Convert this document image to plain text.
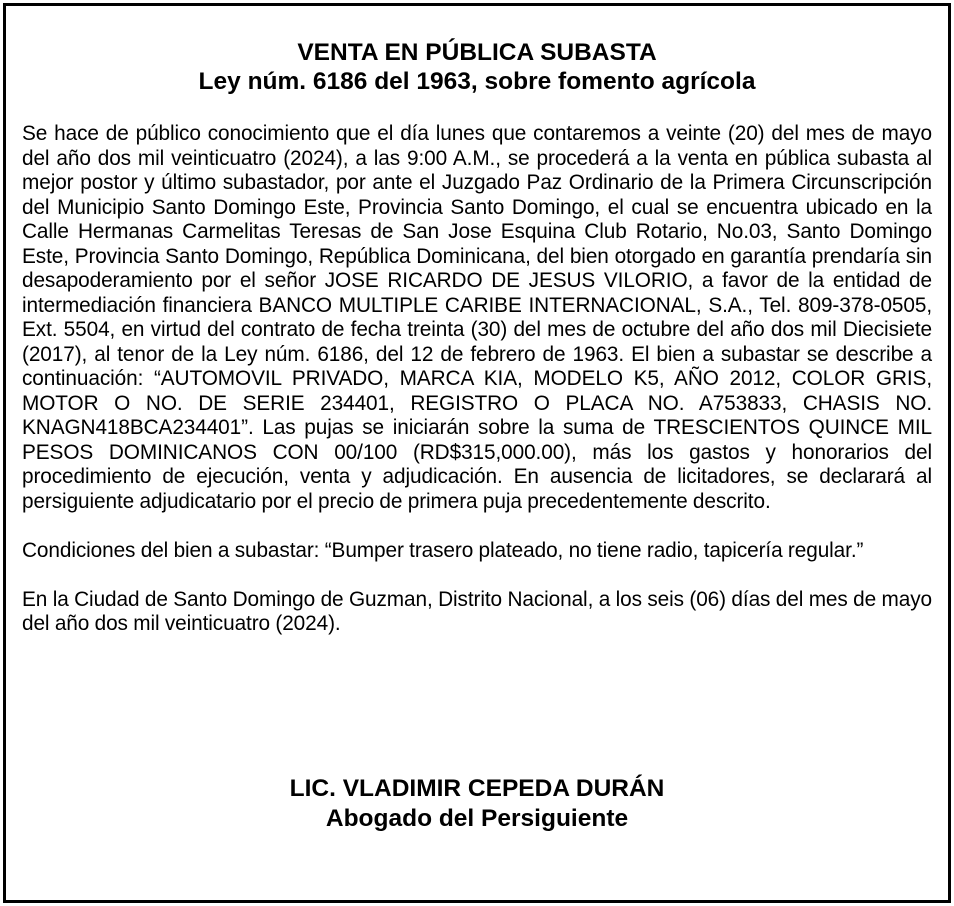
VENTA EN PÚBLICA SUBASTA
Ley núm. 6186 del 1963, sobre fomento agrícola

Se hace de público conocimiento que el día lunes que contaremos a veinte (20) del mes de mayo del año dos mil veinticuatro (2024), a las 9:00 A.M., se procederá a la venta en pública subasta al mejor postor y último subastador, por ante el Juzgado Paz Ordinario de la Primera Circunscripción del Municipio Santo Domingo Este, Provincia Santo Domingo, el cual se encuentra ubicado en la Calle Hermanas Carmelitas Teresas de San Jose Esquina Club Rotario, No.03, Santo Domingo Este, Provincia Santo Domingo, República Dominicana, del bien otorgado en garantía prendaría sin desapoderamiento por el señor JOSE RICARDO DE JESUS VILORIO, a favor de la entidad de intermediación financiera BANCO MULTIPLE CARIBE INTERNACIONAL, S.A., Tel. 809-378-0505, Ext. 5504, en virtud del contrato de fecha treinta (30) del mes de octubre del año dos mil Diecisiete (2017), al tenor de la Ley núm. 6186, del 12 de febrero de 1963. El bien a subastar se describe a continuación: “AUTOMOVIL PRIVADO, MARCA KIA, MODELO K5, AÑO 2012, COLOR GRIS, MOTOR O NO. DE SERIE 234401, REGISTRO O PLACA NO. A753833, CHASIS NO. KNAGN418BCA234401”. Las pujas se iniciarán sobre la suma de TRESCIENTOS QUINCE MIL PESOS DOMINICANOS CON 00/100 (RD$315,000.00), más los gastos y honorarios del procedimiento de ejecución, venta y adjudicación. En ausencia de licitadores, se declarará al persiguiente adjudicatario por el precio de primera puja precedentemente descrito.

Condiciones del bien a subastar: “Bumper trasero plateado, no tiene radio, tapicería regular.”

En la Ciudad de Santo Domingo de Guzman, Distrito Nacional, a los seis (06) días del mes de mayo del año dos mil veinticuatro (2024).

LIC. VLADIMIR CEPEDA DURÁN
Abogado del Persiguiente
